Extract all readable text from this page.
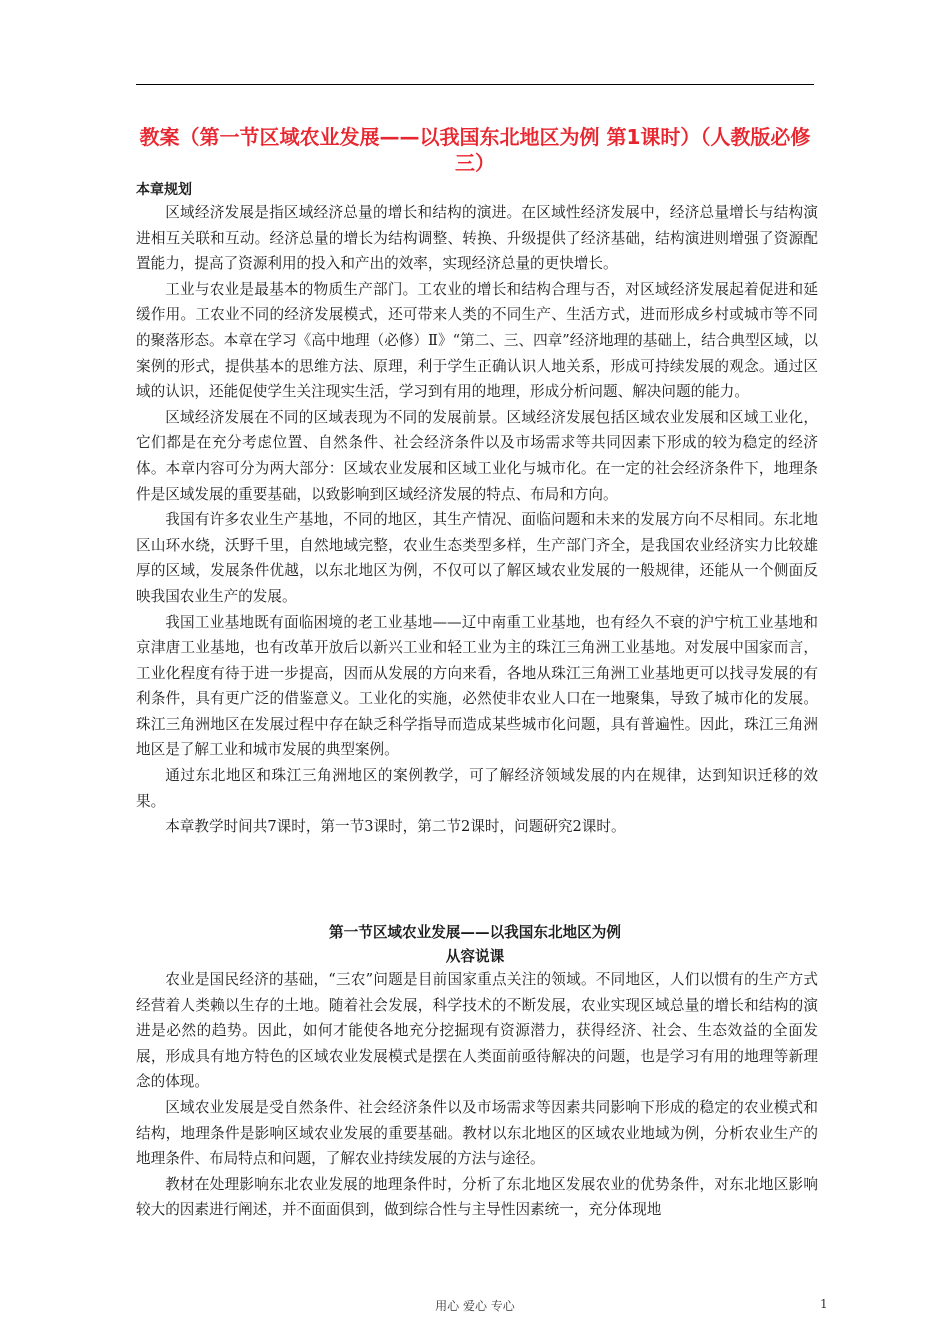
教案（第一节区域农业发展——以我国东北地区为例 第1课时）（人教版必修三）
本章规划

区域经济发展是指区域经济总量的增长和结构的演进。在区域性经济发展中，经济总量增长与结构演进相互关联和互动。经济总量的增长为结构调整、转换、升级提供了经济基础，结构演进则增强了资源配置能力，提高了资源利用的投入和产出的效率，实现经济总量的更快增长。

工业与农业是最基本的物质生产部门。工农业的增长和结构合理与否，对区域经济发展起着促进和延缓作用。工农业不同的经济发展模式，还可带来人类的不同生产、生活方式，进而形成乡村或城市等不同的聚落形态。本章在学习《高中地理（必修）Ⅱ》“第二、三、四章”经济地理的基础上，结合典型区域，以案例的形式，提供基本的思维方法、原理，利于学生正确认识人地关系，形成可持续发展的观念。通过区域的认识，还能促使学生关注现实生活，学习到有用的地理，形成分析问题、解决问题的能力。

区域经济发展在不同的区域表现为不同的发展前景。区域经济发展包括区域农业发展和区域工业化，它们都是在充分考虑位置、自然条件、社会经济条件以及市场需求等共同因素下形成的较为稳定的经济体。本章内容可分为两大部分：区域农业发展和区域工业化与城市化。在一定的社会经济条件下，地理条件是区域发展的重要基础，以致影响到区域经济发展的特点、布局和方向。

我国有许多农业生产基地，不同的地区，其生产情况、面临问题和未来的发展方向不尽相同。东北地区山环水绕，沃野千里，自然地域完整，农业生态类型多样，生产部门齐全，是我国农业经济实力比较雄厚的区域，发展条件优越，以东北地区为例，不仅可以了解区域农业发展的一般规律，还能从一个侧面反映我国农业生产的发展。

我国工业基地既有面临困境的老工业基地——辽中南重工业基地，也有经久不衰的沪宁杭工业基地和京津唐工业基地，也有改革开放后以新兴工业和轻工业为主的珠江三角洲工业基地。对发展中国家而言，工业化程度有待于进一步提高，因而从发展的方向来看，各地从珠江三角洲工业基地更可以找寻发展的有利条件，具有更广泛的借鉴意义。工业化的实施，必然使非农业人口在一地聚集，导致了城市化的发展。珠江三角洲地区在发展过程中存在缺乏科学指导而造成某些城市化问题，具有普遍性。因此，珠江三角洲地区是了解工业和城市发展的典型案例。

通过东北地区和珠江三角洲地区的案例教学，可了解经济领域发展的内在规律，达到知识迁移的效果。

本章教学时间共7课时，第一节3课时，第二节2课时，问题研究2课时。

第一节区域农业发展——以我国东北地区为例
从容说课

农业是国民经济的基础，“三农”问题是目前国家重点关注的领域。不同地区，人们以惯有的生产方式经营着人类赖以生存的土地。随着社会发展，科学技术的不断发展，农业实现区域总量的增长和结构的演进是必然的趋势。因此，如何才能使各地充分挖掘现有资源潜力，获得经济、社会、生态效益的全面发展，形成具有地方特色的区域农业发展模式是摆在人类面前亟待解决的问题，也是学习有用的地理等新理念的体现。

区域农业发展是受自然条件、社会经济条件以及市场需求等因素共同影响下形成的稳定的农业模式和结构，地理条件是影响区域农业发展的重要基础。教材以东北地区的区域农业地域为例，分析农业生产的地理条件、布局特点和问题，了解农业持续发展的方法与途径。

教材在处理影响东北农业发展的地理条件时，分析了东北地区发展农业的优势条件，对东北地区影响较大的因素进行阐述，并不面面俱到，做到综合性与主导性因素统一，充分体现地

用心 爱心 专心	1
